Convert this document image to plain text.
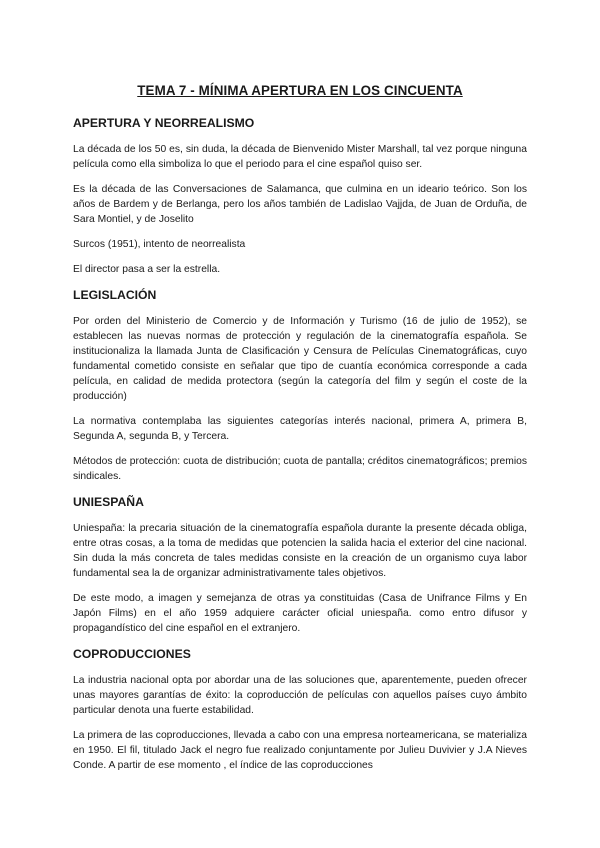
TEMA 7 - MÍNIMA APERTURA EN LOS CINCUENTA
APERTURA Y NEORREALISMO

La década de los 50 es, sin duda, la década de Bienvenido Mister Marshall, tal vez porque ninguna película como ella simboliza lo que el periodo para el cine español quiso ser.

Es la década de las Conversaciones de Salamanca, que culmina en un ideario teórico. Son los años de Bardem y de Berlanga, pero los años también de Ladislao Vajjda, de Juan de Orduña, de Sara Montiel, y de Joselito

Surcos (1951), intento de neorrealista

El director pasa a ser la estrella.

LEGISLACIÓN

Por orden del Ministerio de Comercio y de Información y Turismo (16 de julio de 1952), se establecen las nuevas normas de protección y regulación de la cinematografía española. Se institucionaliza la llamada Junta de Clasificación y Censura de Películas Cinematográficas, cuyo fundamental cometido consiste en señalar que tipo de cuantía económica corresponde a cada película, en calidad de medida protectora (según la categoría del film y según el coste de la producción)

La normativa contemplaba las siguientes categorías interés nacional, primera A, primera B, Segunda A, segunda B, y Tercera.

Métodos de protección: cuota de distribución; cuota de pantalla; créditos cinematográficos; premios sindicales.

UNIESPAÑA

Uniespaña: la precaria situación de la cinematografía española durante la presente década obliga, entre otras cosas, a la toma de medidas que potencien la salida hacia el exterior del cine nacional. Sin duda la más concreta de tales medidas consiste en la creación de un organismo cuya labor fundamental sea la de organizar administrativamente tales objetivos.

De este modo, a imagen y semejanza de otras ya constituidas (Casa de Unifrance Films y En Japón Films) en el año 1959 adquiere carácter oficial uniespaña. como entro difusor y propagandístico del cine español en el extranjero.

COPRODUCCIONES

La industria nacional opta por abordar una de las soluciones que, aparentemente, pueden ofrecer unas mayores garantías de éxito: la coproducción de películas con aquellos países cuyo ámbito particular denota una fuerte estabilidad.

La primera de las coproducciones, llevada a cabo con una empresa norteamericana, se materializa en 1950. El fil, titulado Jack el negro fue realizado conjuntamente por Julieu Duvivier y J.A Nieves Conde. A partir de ese momento , el índice de las coproducciones
